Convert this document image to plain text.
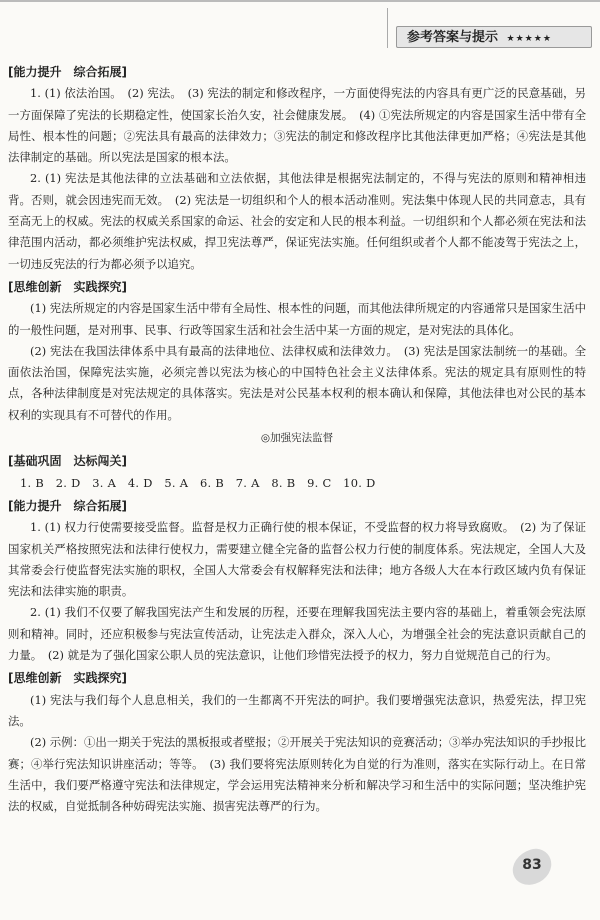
参考答案与提示 ★★★★★
[能力提升　综合拓展]

1. (1) 依法治国。　(2) 宪法。　(3) 宪法的制定和修改程序，一方面使得宪法的内容具有更广泛的民意基础，另一方面保障了宪法的长期稳定性，使国家长治久安，社会健康发展。　(4) ①宪法所规定的内容是国家生活中带有全局性、根本性的问题；②宪法具有最高的法律效力；③宪法的制定和修改程序比其他法律更加严格；④宪法是其他法律制定的基础。所以宪法是国家的根本法。

2. (1) 宪法是其他法律的立法基础和立法依据，其他法律是根据宪法制定的，不得与宪法的原则和精神相违背。否则，就会因违宪而无效。　(2) 宪法是一切组织和个人的根本活动准则。宪法集中体现人民的共同意志，具有至高无上的权威。宪法的权威关系国家的命运、社会的安定和人民的根本利益。一切组织和个人都必须在宪法和法律范围内活动，都必须维护宪法权威，捍卫宪法尊严，保证宪法实施。任何组织或者个人都不能凌驾于宪法之上，一切违反宪法的行为都必须予以追究。

[思维创新　实践探究]

(1) 宪法所规定的内容是国家生活中带有全局性、根本性的问题，而其他法律所规定的内容通常只是国家生活中的一般性问题，是对刑事、民事、行政等国家生活和社会生活中某一方面的规定，是对宪法的具体化。

(2) 宪法在我国法律体系中具有最高的法律地位、法律权威和法律效力。　(3) 宪法是国家法制统一的基础。全面依法治国，保障宪法实施，必须完善以宪法为核心的中国特色社会主义法律体系。宪法的规定具有原则性的特点，各种法律制度是对宪法规定的具体落实。宪法是对公民基本权利的根本确认和保障，其他法律也对公民的基本权利的实现具有不可替代的作用。

◎加强宪法监督
[基础巩固　达标闯关]
1. B　2. D　3. A　4. D　5. A　6. B　7. A　8. B　9. C　10. D
[能力提升　综合拓展]

1. (1) 权力行使需要接受监督。监督是权力正确行使的根本保证，不受监督的权力将导致腐败。　(2) 为了保证国家机关严格按照宪法和法律行使权力，需要建立健全完备的监督公权力行使的制度体系。宪法规定，全国人大及其常委会行使监督宪法实施的职权，全国人大常委会有权解释宪法和法律；地方各级人大在本行政区域内负有保证宪法和法律实施的职责。

2. (1) 我们不仅要了解我国宪法产生和发展的历程，还要在理解我国宪法主要内容的基础上，着重领会宪法原则和精神。同时，还应积极参与宪法宣传活动，让宪法走入群众，深入人心，为增强全社会的宪法意识贡献自己的力量。　(2) 就是为了强化国家公职人员的宪法意识，让他们珍惜宪法授予的权力，努力自觉规范自己的行为。

[思维创新　实践探究]

(1) 宪法与我们每个人息息相关，我们的一生都离不开宪法的呵护。我们要增强宪法意识，热爱宪法，捍卫宪法。

(2) 示例：①出一期关于宪法的黑板报或者壁报；②开展关于宪法知识的竞赛活动；③举办宪法知识的手抄报比赛；④举行宪法知识讲座活动；等等。　(3) 我们要将宪法原则转化为自觉的行为准则，落实在实际行动上。在日常生活中，我们要严格遵守宪法和法律规定，学会运用宪法精神来分析和解决学习和生活中的实际问题；坚决维护宪法的权威，自觉抵制各种妨碍宪法实施、损害宪法尊严的行为。

83
